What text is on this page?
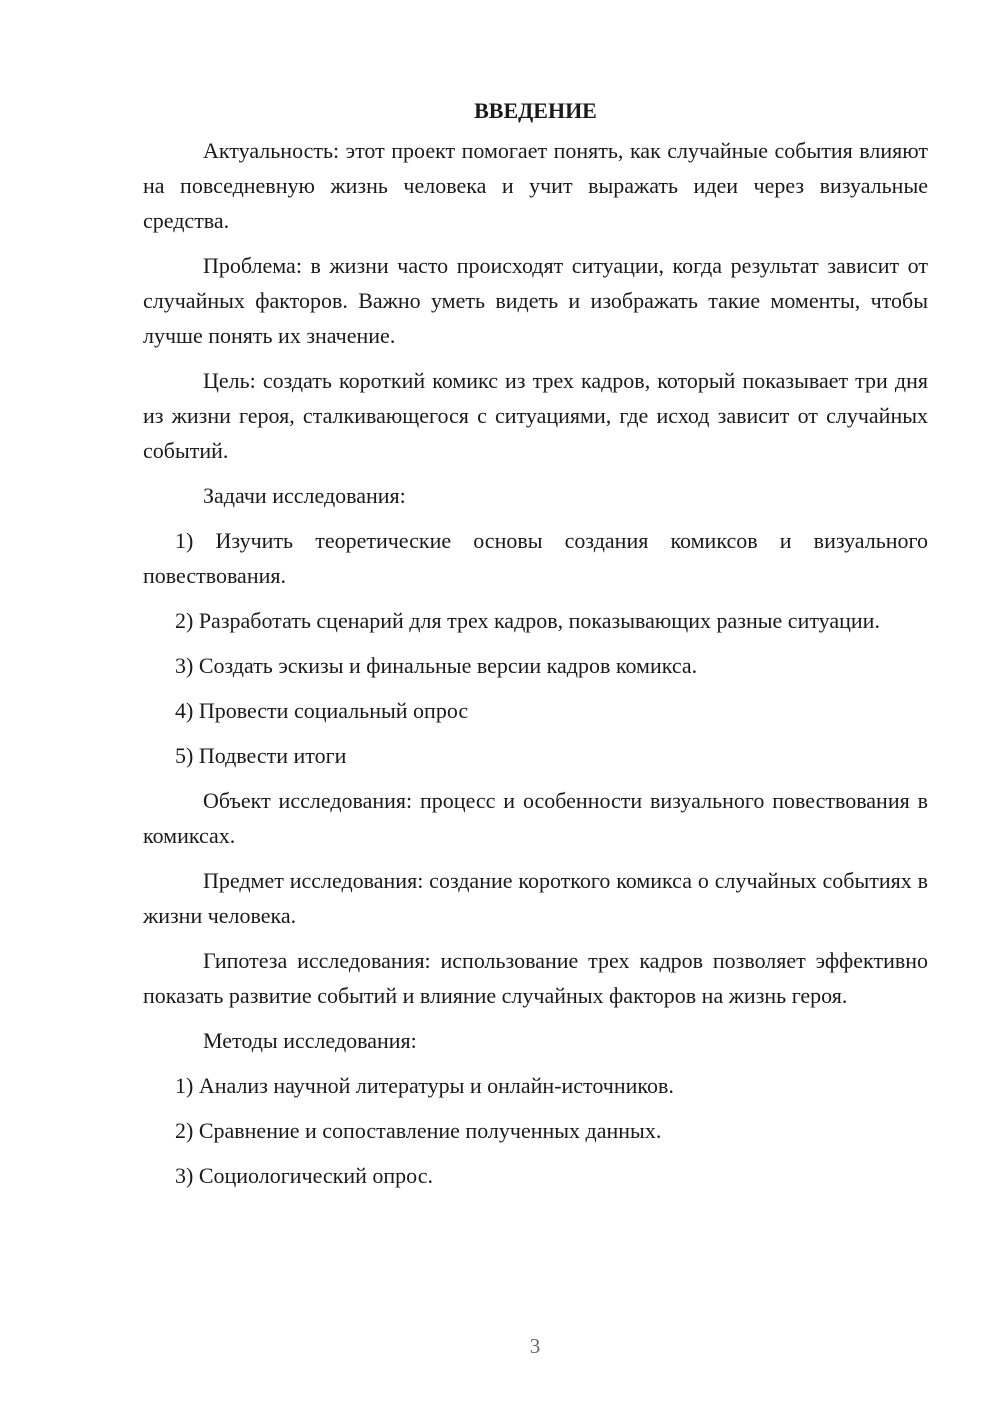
ВВЕДЕНИЕ

Актуальность: этот проект помогает понять, как случайные события влияют на повседневную жизнь человека и учит выражать идеи через визуальные средства.

Проблема: в жизни часто происходят ситуации, когда результат зависит от случайных факторов. Важно уметь видеть и изображать такие моменты, чтобы лучше понять их значение.

Цель: создать короткий комикс из трех кадров, который показывает три дня из жизни героя, сталкивающегося с ситуациями, где исход зависит от случайных событий.

Задачи исследования:

1) Изучить теоретические основы создания комиксов и визуального повествования.

2) Разработать сценарий для трех кадров, показывающих разные ситуации.

3) Создать эскизы и финальные версии кадров комикса.

4) Провести социальный опрос

5) Подвести итоги

Объект исследования: процесс и особенности визуального повествования в комиксах.

Предмет исследования: создание короткого комикса о случайных событиях в жизни человека.

Гипотеза исследования: использование трех кадров позволяет эффективно показать развитие событий и влияние случайных факторов на жизнь героя.

Методы исследования:

1) Анализ научной литературы и онлайн-источников.

2) Сравнение и сопоставление полученных данных.

3) Социологический опрос.

3
